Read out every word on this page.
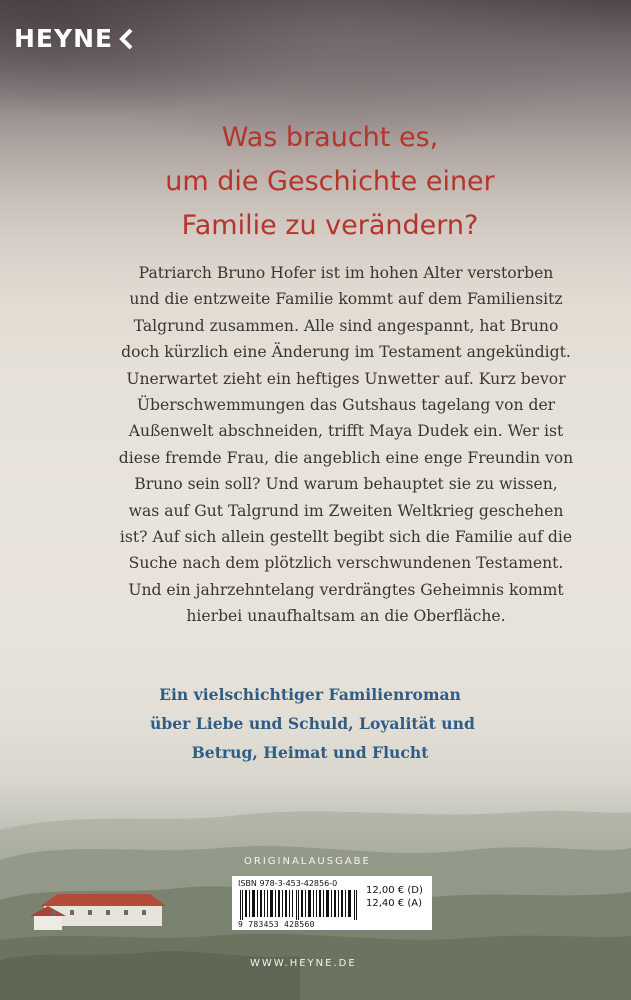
HEYNE
Was braucht es,
um die Geschichte einer
Familie zu verändern?
Patriarch Bruno Hofer ist im hohen Alter verstorben
und die entzweite Familie kommt auf dem Familiensitz
Talgrund zusammen. Alle sind angespannt, hat Bruno
doch kürzlich eine Änderung im Testament angekündigt.
Unerwartet zieht ein heftiges Unwetter auf. Kurz bevor
Überschwemmungen das Gutshaus tagelang von der
Außenwelt abschneiden, trifft Maya Dudek ein. Wer ist
diese fremde Frau, die angeblich eine enge Freundin von
Bruno sein soll? Und warum behauptet sie zu wissen,
was auf Gut Talgrund im Zweiten Weltkrieg geschehen
ist? Auf sich allein gestellt begibt sich die Familie auf die
Suche nach dem plötzlich verschwundenen Testament.
Und ein jahrzehntelang verdrängtes Geheimnis kommt
hierbei unaufhaltsam an die Oberfläche.
Ein vielschichtiger Familienroman
über Liebe und Schuld, Loyalität und
Betrug, Heimat und Flucht
ORIGINALAUSGABE
ISBN 978-3-453-42856-0
9 783453 428560
12,00 € (D)
12,40 € (A)
WWW.HEYNE.DE
